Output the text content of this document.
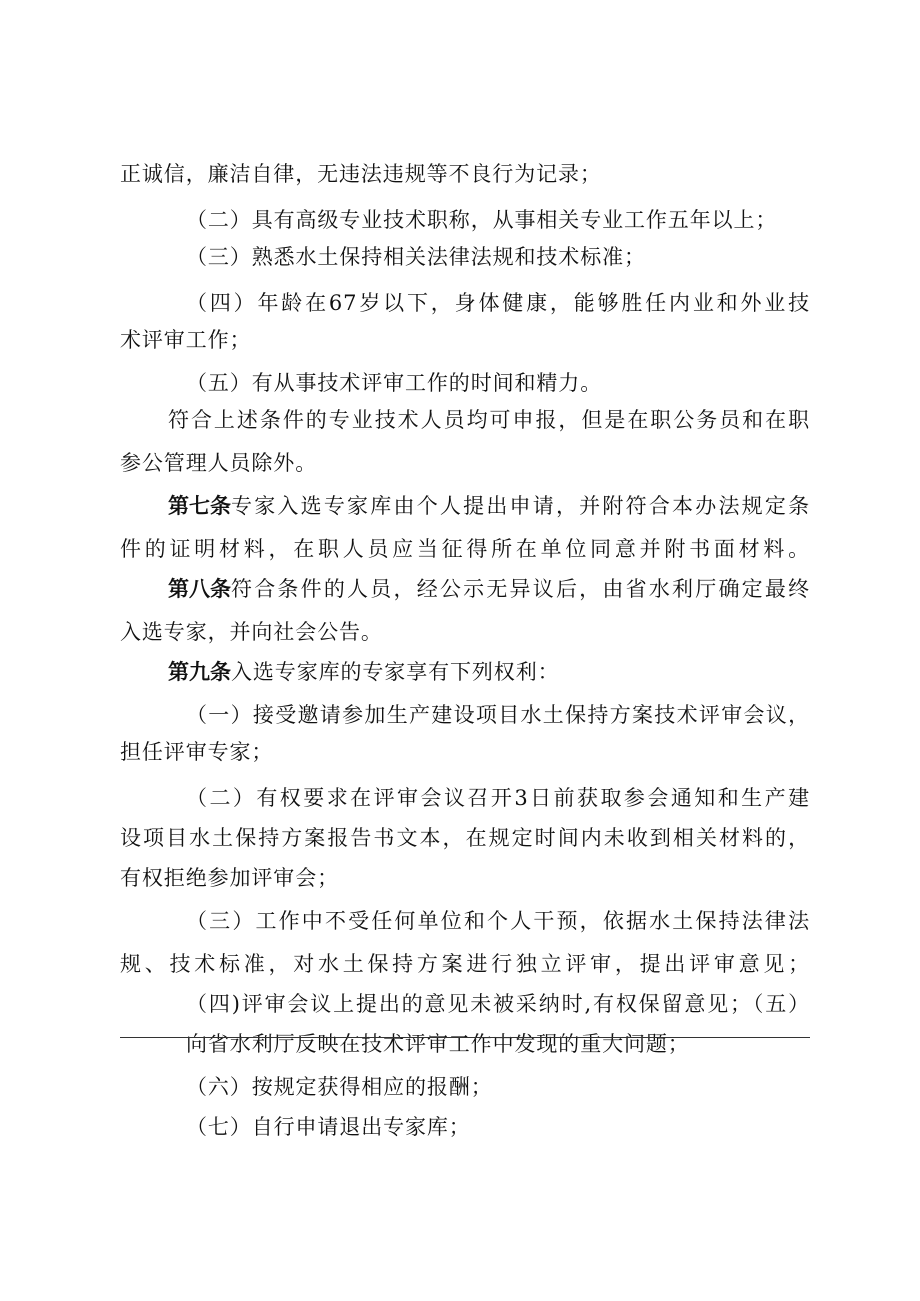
正诚信，廉洁自律，无违法违规等不良行为记录；
（二）具有高级专业技术职称，从事相关专业工作五年以上；
（三）熟悉水土保持相关法律法规和技术标准；
（四）年龄在67岁以下，身体健康，能够胜任内业和外业技
术评审工作；
（五）有从事技术评审工作的时间和精力。
符合上述条件的专业技术人员均可申报，但是在职公务员和在职
参公管理人员除外。
第七条 专家入选专家库由个人提出申请，并附符合本办法规定条
件的证明材料，在职人员应当征得所在单位同意并附书面材料。
第八条 符合条件的人员，经公示无异议后，由省水利厅确定最终
入选专家，并向社会公告。
第九条入选专家库的专家享有下列权利：
（一）接受邀请参加生产建设项目水土保持方案技术评审会议，
担任评审专家；
（二）有权要求在评审会议召开3日前获取参会通知和生产建
设项目水土保持方案报告书文本，在规定时间内未收到相关材料的，
有权拒绝参加评审会；
（三）工作中不受任何单位和个人干预，依据水土保持法律法
规、技术标准，对水土保持方案进行独立评审，提出评审意见；
（四)评审会议上提出的意见未被采纳时,有权保留意见；（五）
向省水利厅反映在技术评审工作中发现的重大问题；
（六）按规定获得相应的报酬；
（七）自行申请退出专家库；
